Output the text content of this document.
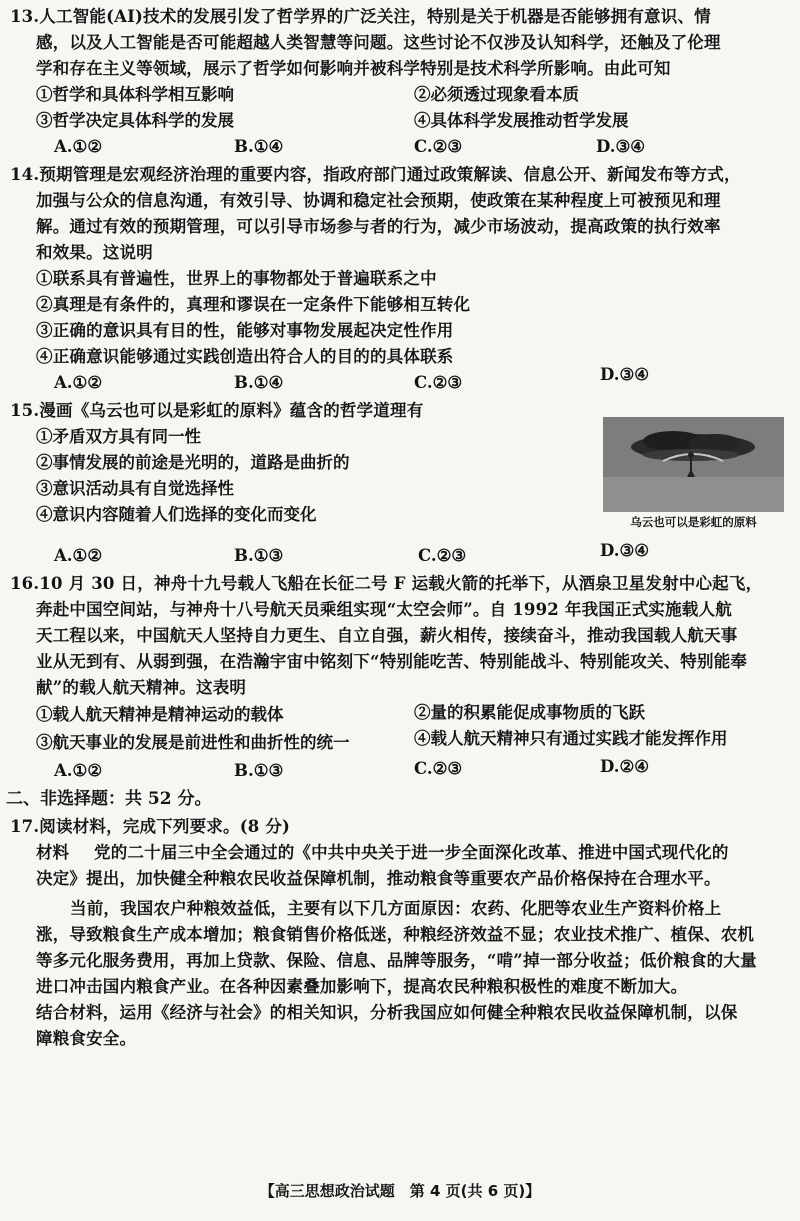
13.人工智能(AI)技术的发展引发了哲学界的广泛关注，特别是关于机器是否能够拥有意识、情
感，以及人工智能是否可能超越人类智慧等问题。这些讨论不仅涉及认知科学，还触及了伦理
学和存在主义等领域，展示了哲学如何影响并被科学特别是技术科学所影响。由此可知
①哲学和具体科学相互影响	②必须透过现象看本质
③哲学决定具体科学的发展	④具体科学发展推动哲学发展
A.①②	B.①④	C.②③	D.③④
14.预期管理是宏观经济治理的重要内容，指政府部门通过政策解读、信息公开、新闻发布等方式，
加强与公众的信息沟通，有效引导、协调和稳定社会预期，使政策在某种程度上可被预见和理
解。通过有效的预期管理，可以引导市场参与者的行为，减少市场波动，提高政策的执行效率
和效果。这说明
①联系具有普遍性，世界上的事物都处于普遍联系之中
②真理是有条件的，真理和谬误在一定条件下能够相互转化
③正确的意识具有目的性，能够对事物发展起决定性作用
④正确意识能够通过实践创造出符合人的目的的具体联系
A.①②	B.①④	C.②③	D.③④
15.漫画《乌云也可以是彩虹的原料》蕴含的哲学道理有
①矛盾双方具有同一性
②事情发展的前途是光明的，道路是曲折的
③意识活动具有自觉选择性
④意识内容随着人们选择的变化而变化	乌云也可以是彩虹的原料
A.①②	B.①③	C.②③	D.③④
16.10 月 30 日，神舟十九号载人飞船在长征二号 F 运载火箭的托举下，从酒泉卫星发射中心起飞，
奔赴中国空间站，与神舟十八号航天员乘组实现“太空会师”。自 1992 年我国正式实施载人航
天工程以来，中国航天人坚持自力更生、自立自强，薪火相传，接续奋斗，推动我国载人航天事
业从无到有、从弱到强，在浩瀚宇宙中铭刻下“特别能吃苦、特别能战斗、特别能攻关、特别能奉
献”的载人航天精神。这表明
①载人航天精神是精神运动的载体	②量的积累能促成事物质的飞跃
③航天事业的发展是前进性和曲折性的统一	④载人航天精神只有通过实践才能发挥作用
A.①②	B.①③	C.②③	D.②④
二、非选择题：共 52 分。
17.阅读材料，完成下列要求。(8 分)
材料 党的二十届三中全会通过的《中共中央关于进一步全面深化改革、推进中国式现代化的
决定》提出，加快健全种粮农民收益保障机制，推动粮食等重要农产品价格保持在合理水平。
当前，我国农户种粮效益低，主要有以下几方面原因：农药、化肥等农业生产资料价格上
涨，导致粮食生产成本增加；粮食销售价格低迷，种粮经济效益不显；农业技术推广、植保、农机
等多元化服务费用，再加上贷款、保险、信息、品牌等服务，“啃”掉一部分收益；低价粮食的大量
进口冲击国内粮食产业。在各种因素叠加影响下，提高农民种粮积极性的难度不断加大。
结合材料，运用《经济与社会》的相关知识，分析我国应如何健全种粮农民收益保障机制，以保
障粮食安全。
【高三思想政治试题　第 4 页(共 6 页)】
